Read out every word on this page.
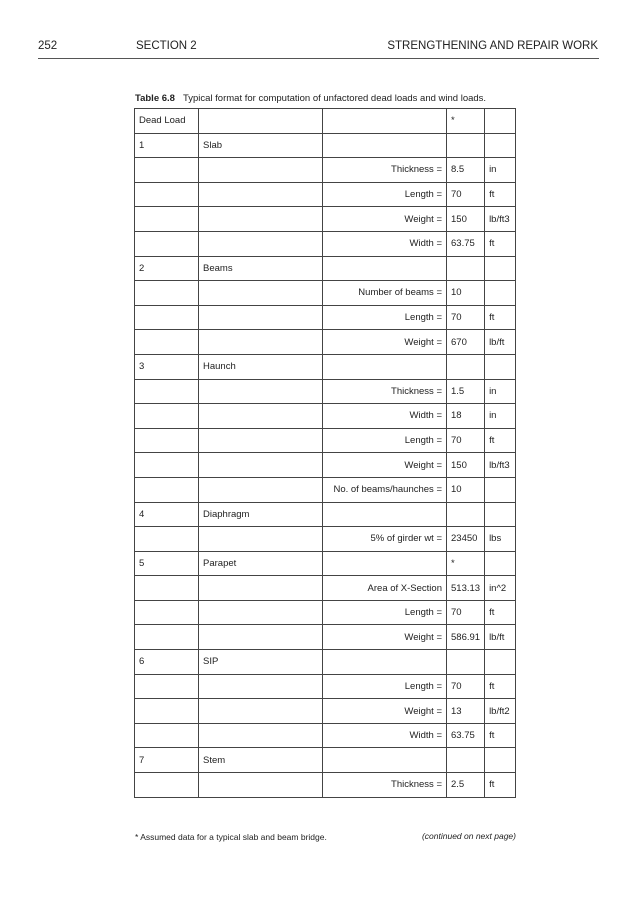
252	SECTION 2	STRENGTHENING AND REPAIR WORK
Table 6.8 Typical format for computation of unfactored dead loads and wind loads.
Dead Load			*	
1	Slab			
		Thickness =	8.5	in
		Length =	70	ft
		Weight =	150	lb/ft3
		Width =	63.75	ft
2	Beams			
		Number of beams =	10	
		Length =	70	ft
		Weight =	670	lb/ft
3	Haunch			
		Thickness =	1.5	in
		Width =	18	in
		Length =	70	ft
		Weight =	150	lb/ft3
		No. of beams/haunches =	10	
4	Diaphragm			
		5% of girder wt =	23450	lbs
5	Parapet		*	
		Area of X-Section	513.13	in^2
		Length =	70	ft
		Weight =	586.91	lb/ft
6	SIP			
		Length =	70	ft
		Weight =	13	lb/ft2
		Width =	63.75	ft
7	Stem			
		Thickness =	2.5	ft
* Assumed data for a typical slab and beam bridge.	(continued on next page)
